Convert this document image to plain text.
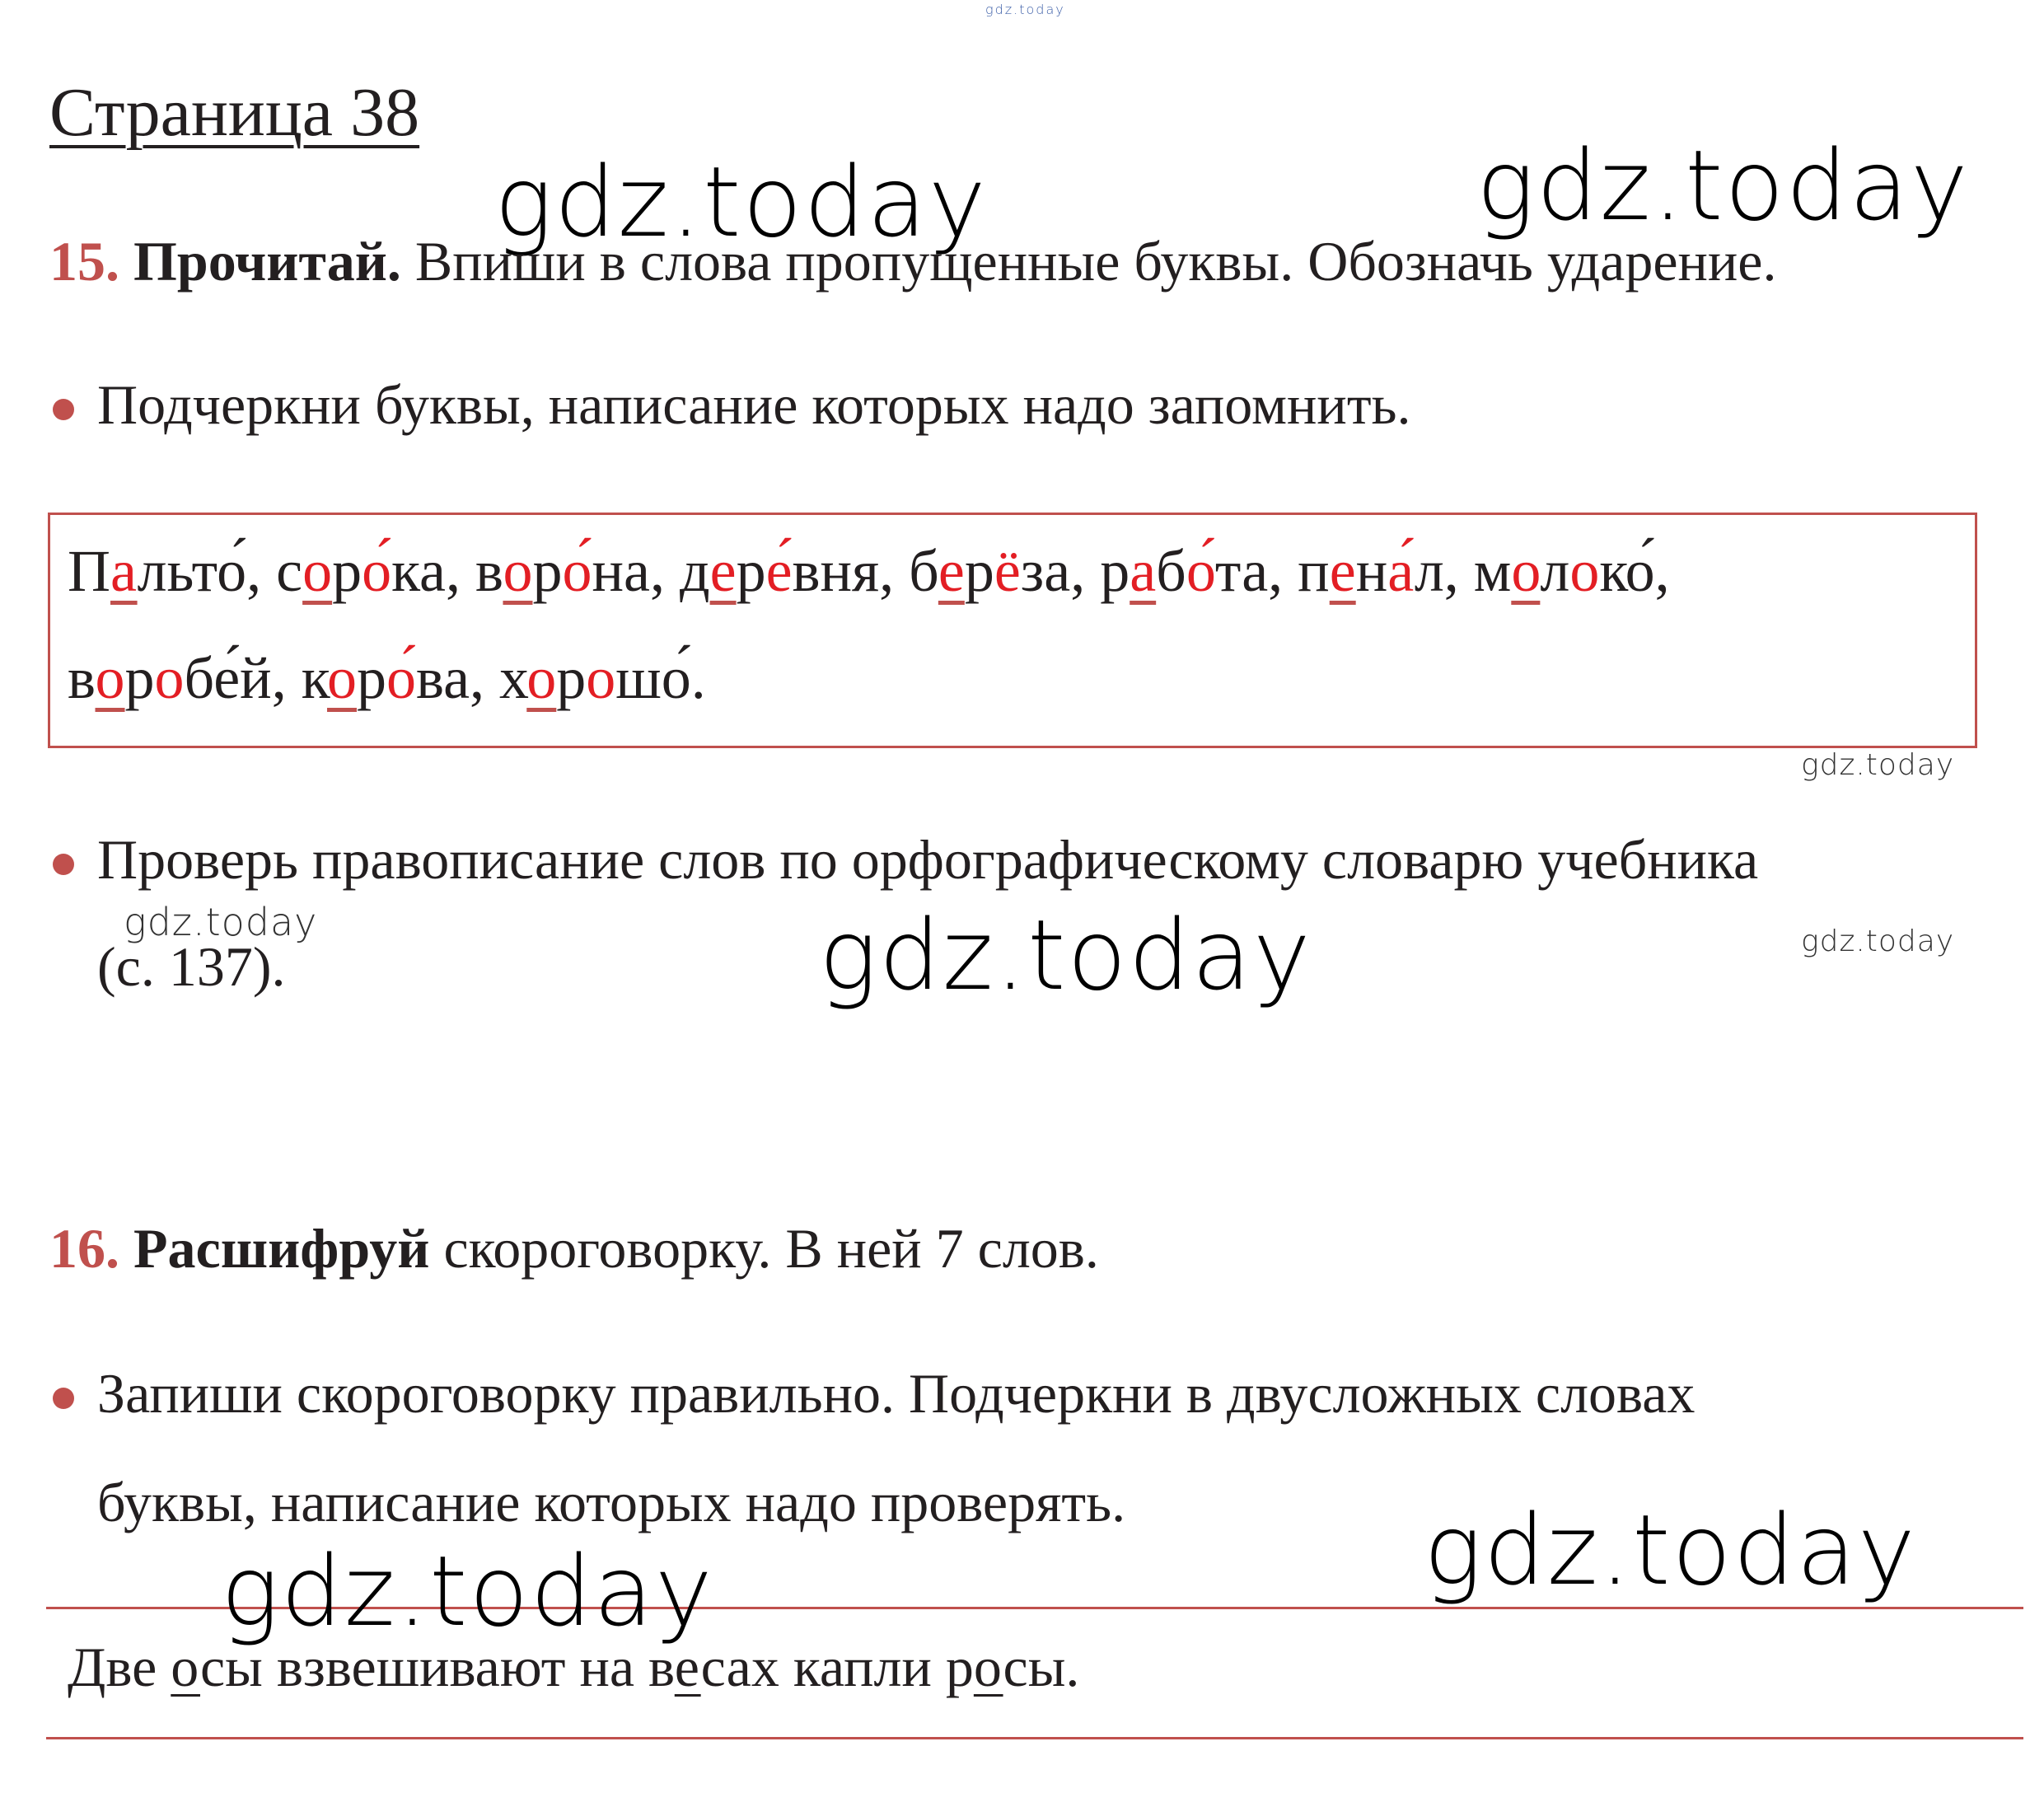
gdz.today
Страница 38
gdz.today	gdz.today
15. Прочитай. Впиши в слова пропущенные буквы. Обозначь ударение.
Подчеркни буквы, написание которых надо запомнить.
Пальто́, соро́ка, воро́на, дере́вня, берёза, рабо́та, пена́л, молоко́,
воробе́й, коро́ва, хорошо́.
gdz.today
Проверь правописание слов по орфографическому словарю учебника
gdz.today
(с. 137).	gdz.today	gdz.today
16. Расшифруй скороговорку. В ней 7 слов.
Запиши скороговорку правильно. Подчеркни в двусложных словах
буквы, написание которых надо проверять.	gdz.today
gdz.today
Две осы взвешивают на весах капли росы.
